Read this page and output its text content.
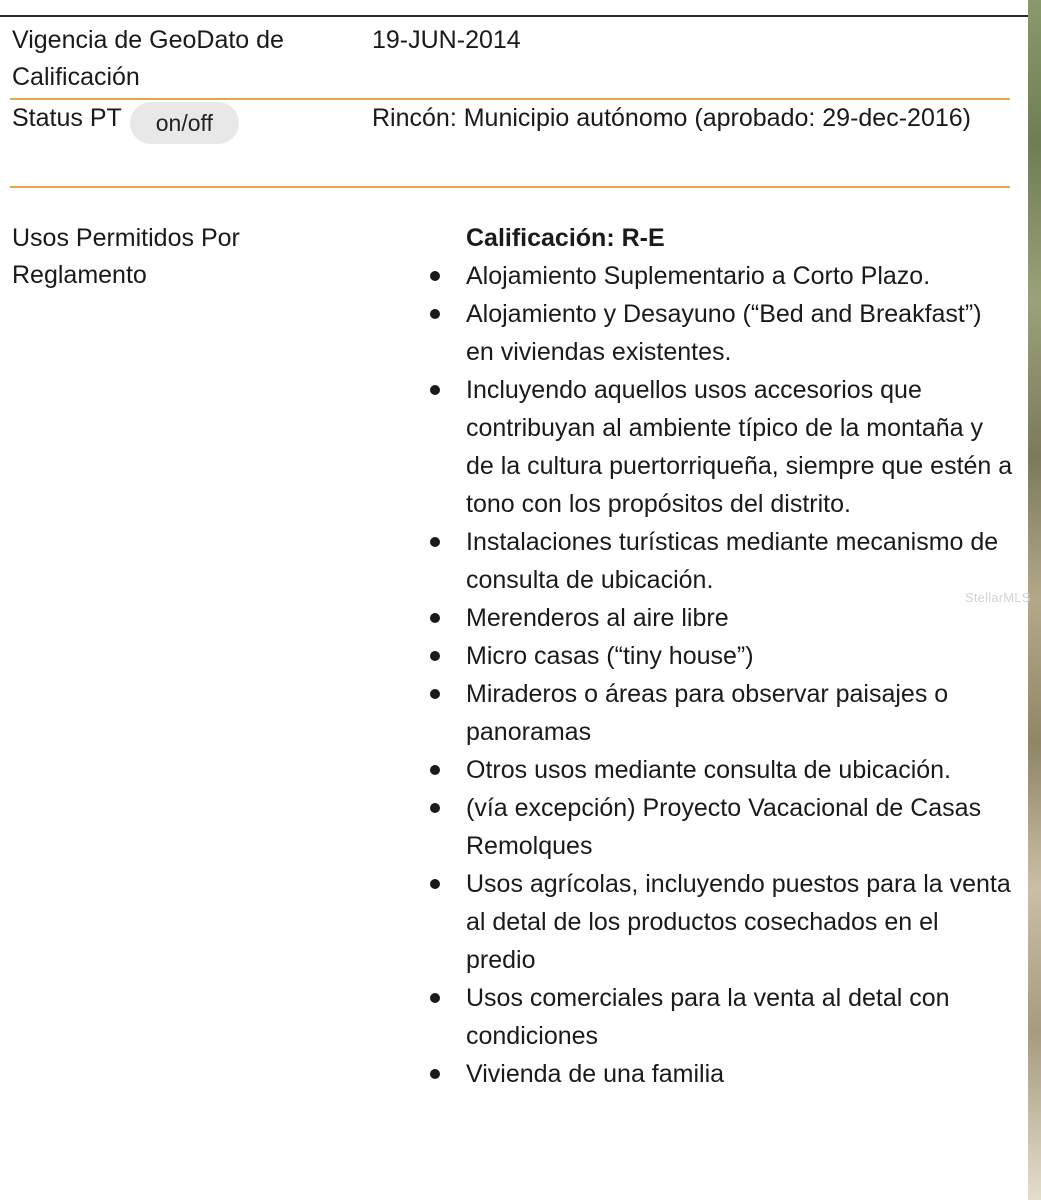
Vigencia de GeoDato de Calificación
19-JUN-2014
Status PT on/off	Rincón: Municipio autónomo (aprobado: 29-dec-2016)
Usos Permitidos Por Reglamento
Calificación: R-E
Alojamiento Suplementario a Corto Plazo.
Alojamiento y Desayuno (“Bed and Breakfast”) en viviendas existentes.
Incluyendo aquellos usos accesorios que contribuyan al ambiente típico de la montaña y de la cultura puertorriqueña, siempre que estén a tono con los propósitos del distrito.
Instalaciones turísticas mediante mecanismo de consulta de ubicación.
Merenderos al aire libre
Micro casas (“tiny house”)
Miraderos o áreas para observar paisajes o panoramas
Otros usos mediante consulta de ubicación.
(vía excepción) Proyecto Vacacional de Casas Remolques
Usos agrícolas, incluyendo puestos para la venta al detal de los productos cosechados en el predio
Usos comerciales para la venta al detal con condiciones
Vivienda de una familia
StellarMLS
